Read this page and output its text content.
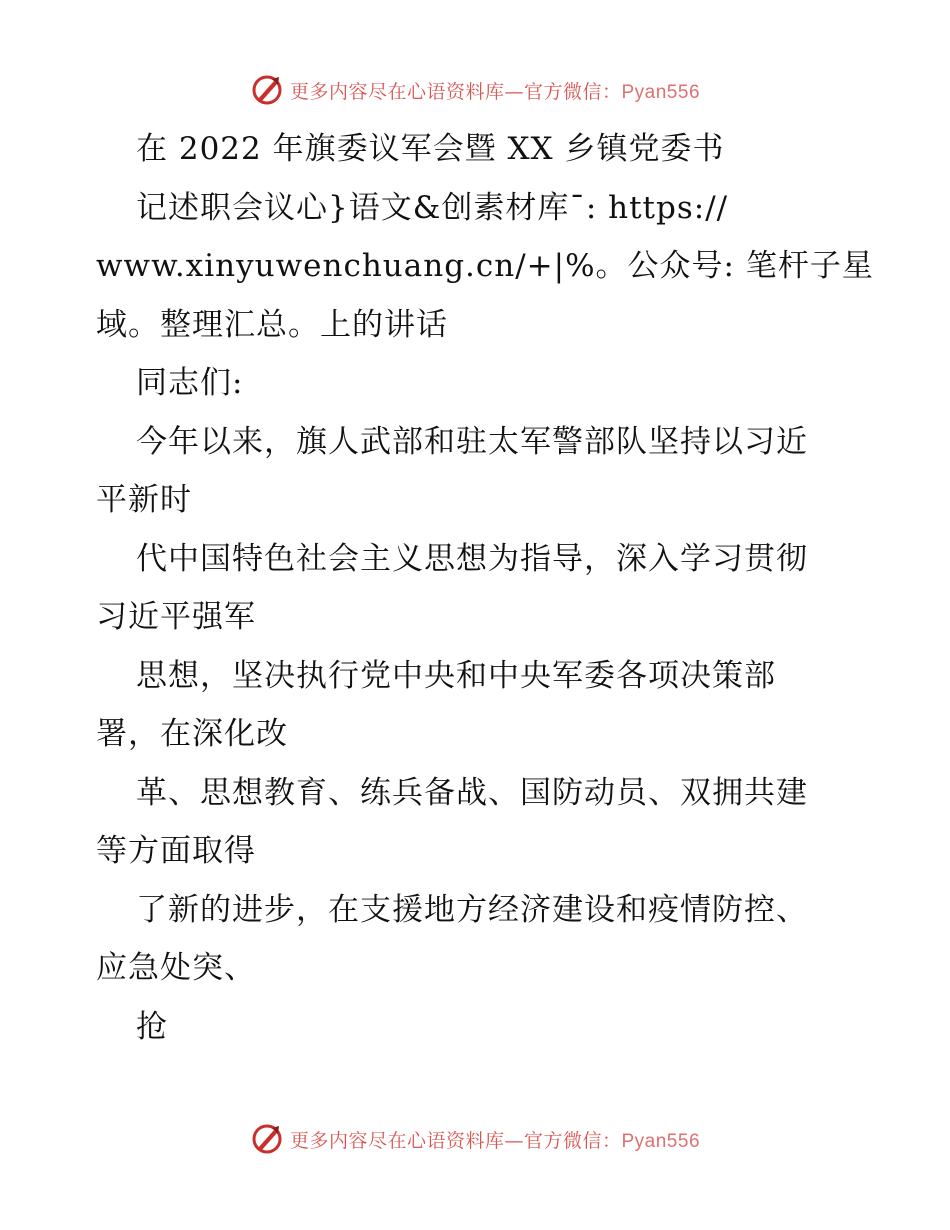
更多内容尽在心语资料库—官方微信：Pyan556
在 2022 年旗委议军会暨 XX 乡镇党委书
记述职会议心}语文&创素材库¯: https://
www.xinyuwenchuang.cn/+|%。公众号: 笔杆子星
域。整理汇总。上的讲话
同志们:
今年以来，旗人武部和驻太军警部队坚持以习近
平新时
代中国特色社会主义思想为指导，深入学习贯彻
习近平强军
思想，坚决执行党中央和中央军委各项决策部
署，在深化改
革、思想教育、练兵备战、国防动员、双拥共建
等方面取得
了新的进步，在支援地方经济建设和疫情防控、
应急处突、
抢
更多内容尽在心语资料库—官方微信：Pyan556
